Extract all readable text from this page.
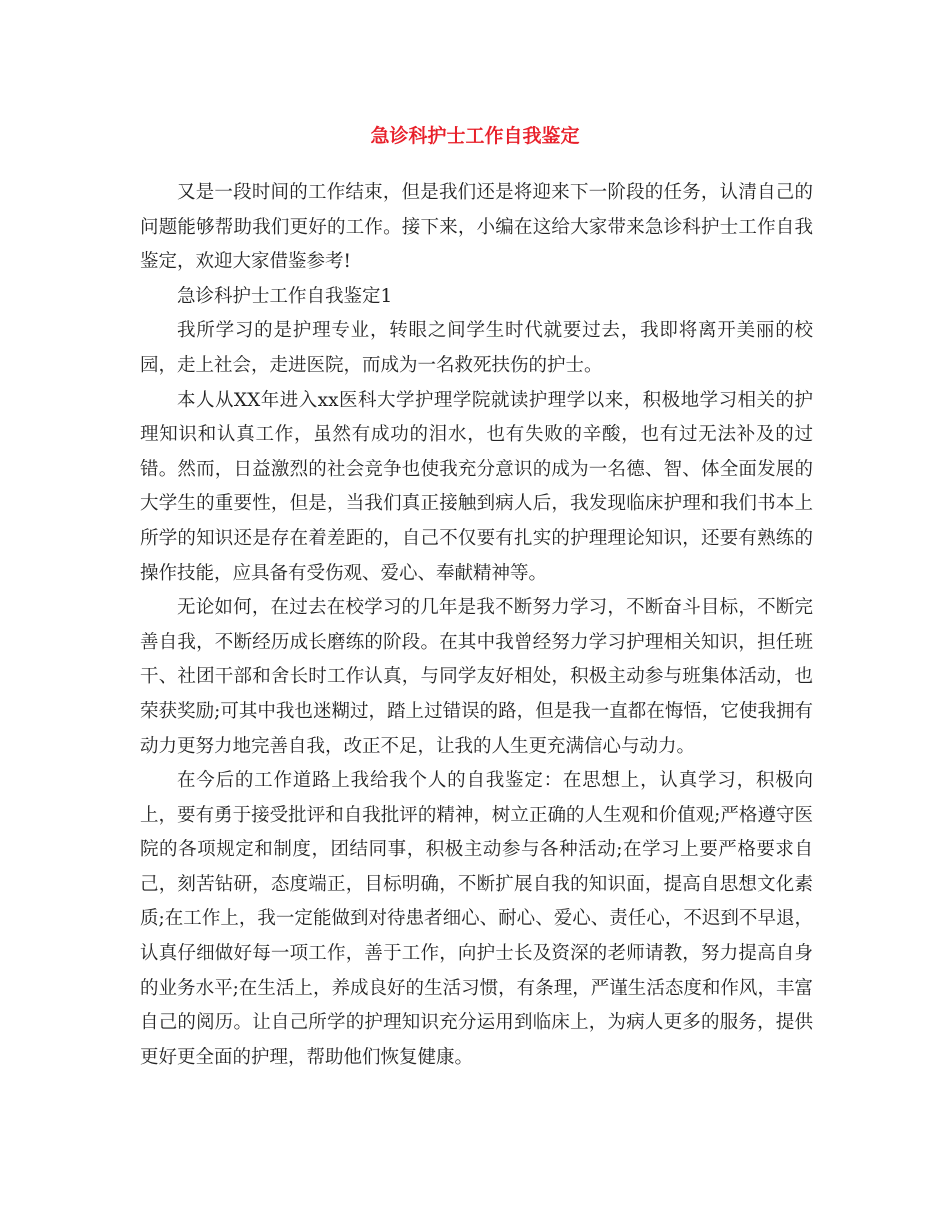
急诊科护士工作自我鉴定

又是一段时间的工作结束，但是我们还是将迎来下一阶段的任务，认清自己的问题能够帮助我们更好的工作。接下来，小编在这给大家带来急诊科护士工作自我鉴定，欢迎大家借鉴参考!

急诊科护士工作自我鉴定1

我所学习的是护理专业，转眼之间学生时代就要过去，我即将离开美丽的校园，走上社会，走进医院，而成为一名救死扶伤的护士。

本人从XX年进入xx医科大学护理学院就读护理学以来，积极地学习相关的护理知识和认真工作，虽然有成功的泪水，也有失败的辛酸，也有过无法补及的过错。然而，日益激烈的社会竞争也使我充分意识的成为一名德、智、体全面发展的大学生的重要性，但是，当我们真正接触到病人后，我发现临床护理和我们书本上所学的知识还是存在着差距的，自己不仅要有扎实的护理理论知识，还要有熟练的操作技能，应具备有受伤观、爱心、奉献精神等。

无论如何，在过去在校学习的几年是我不断努力学习，不断奋斗目标，不断完善自我，不断经历成长磨练的阶段。在其中我曾经努力学习护理相关知识，担任班干、社团干部和舍长时工作认真，与同学友好相处，积极主动参与班集体活动，也荣获奖励;可其中我也迷糊过，踏上过错误的路，但是我一直都在悔悟，它使我拥有动力更努力地完善自我，改正不足，让我的人生更充满信心与动力。

在今后的工作道路上我给我个人的自我鉴定：在思想上，认真学习，积极向上，要有勇于接受批评和自我批评的精神，树立正确的人生观和价值观;严格遵守医院的各项规定和制度，团结同事，积极主动参与各种活动;在学习上要严格要求自己，刻苦钻研，态度端正，目标明确，不断扩展自我的知识面，提高自思想文化素质;在工作上，我一定能做到对待患者细心、耐心、爱心、责任心，不迟到不早退，认真仔细做好每一项工作，善于工作，向护士长及资深的老师请教，努力提高自身的业务水平;在生活上，养成良好的生活习惯，有条理，严谨生活态度和作风，丰富自己的阅历。让自己所学的护理知识充分运用到临床上，为病人更多的服务，提供更好更全面的护理，帮助他们恢复健康。
